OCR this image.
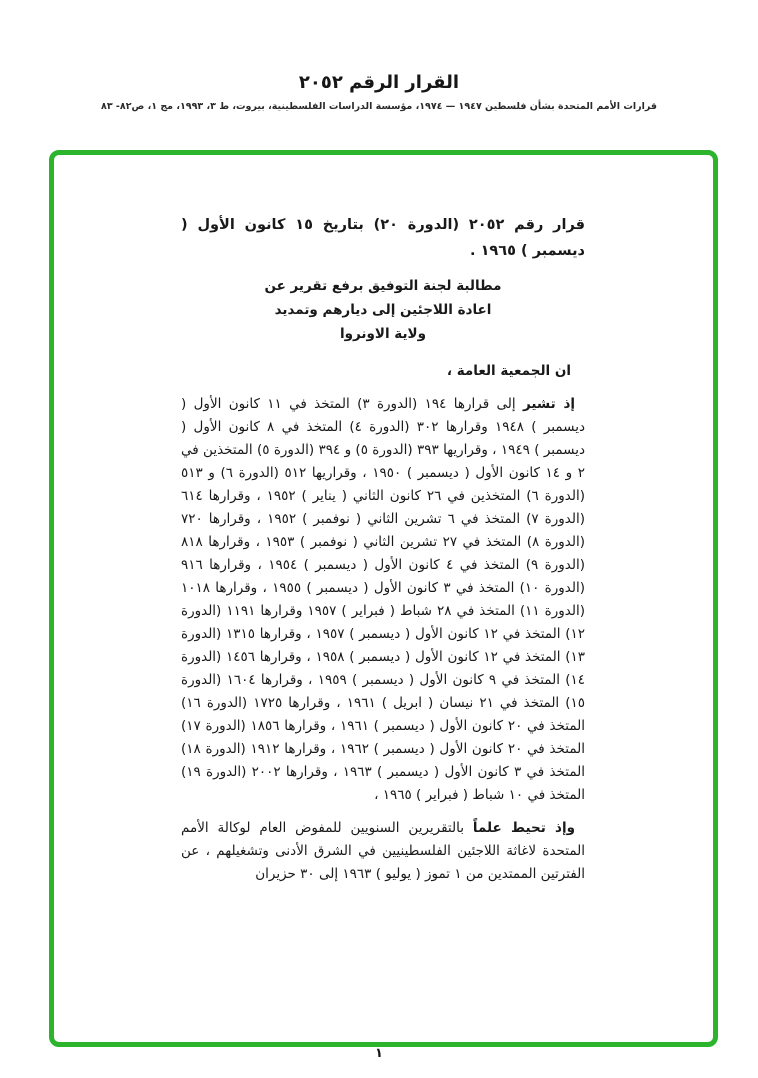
القرار الرقم ٢٠٥٢

قرارات الأمم المتحدة بشأن فلسطين ١٩٤٧ — ١٩٧٤، مؤسسة الدراسات الفلسطينية، بيروت، ط ٣، ١٩٩٣، مج ١، ص٨٢- ٨٣

قرار رقم ٢٠٥٢ (الدورة ٢٠) بتاريخ ١٥ كانون الأول ( ديسمبر ) ١٩٦٥ .

مطالبة لجنة التوفيق برفع تقرير عن

اعادة اللاجئين إلى ديارهم وتمديد

ولاية الاونروا

ان الجمعية العامة ،

إذ تشير إلى قرارها ١٩٤ (الدورة ٣) المتخذ في ١١ كانون الأول ( ديسمبر ) ١٩٤٨ وقرارها ٣٠٢ (الدورة ٤) المتخذ في ٨ كانون الأول ( ديسمبر ) ١٩٤٩ ، وقراريها ٣٩٣ (الدورة ٥) و ٣٩٤ (الدورة ٥) المتخذين في ٢ و ١٤ كانون الأول ( ديسمبر ) ١٩٥٠ ، وقراريها ٥١٢ (الدورة ٦) و ٥١٣ (الدورة ٦) المتخذين في ٢٦ كانون الثاني ( يناير ) ١٩٥٢ ، وقرارها ٦١٤ (الدورة ٧) المتخذ في ٦ تشرين الثاني ( نوفمبر ) ١٩٥٢ ، وقرارها ٧٢٠ (الدورة ٨) المتخذ في ٢٧ تشرين الثاني ( نوفمبر ) ١٩٥٣ ، وقرارها ٨١٨ (الدورة ٩) المتخذ في ٤ كانون الأول ( ديسمبر ) ١٩٥٤ ، وقرارها ٩١٦ (الدورة ١٠) المتخذ في ٣ كانون الأول ( ديسمبر ) ١٩٥٥ ، وقرارها ١٠١٨ (الدورة ١١) المتخذ في ٢٨ شباط ( فبراير ) ١٩٥٧ وقرارها ١١٩١ (الدورة ١٢) المتخذ في ١٢ كانون الأول ( ديسمبر ) ١٩٥٧ ، وقرارها ١٣١٥ (الدورة ١٣) المتخذ في ١٢ كانون الأول ( ديسمبر ) ١٩٥٨ ، وقرارها ١٤٥٦ (الدورة ١٤) المتخذ في ٩ كانون الأول ( ديسمبر ) ١٩٥٩ ، وقرارها ١٦٠٤ (الدورة ١٥) المتخذ في ٢١ نيسان ( ابريل ) ١٩٦١ ، وقرارها ١٧٢٥ (الدورة ١٦) المتخذ في ٢٠ كانون الأول ( ديسمبر ) ١٩٦١ ، وقرارها ١٨٥٦ (الدورة ١٧) المتخذ في ٢٠ كانون الأول ( ديسمبر ) ١٩٦٢ ، وقرارها ١٩١٢ (الدورة ١٨) المتخذ في ٣ كانون الأول ( ديسمبر ) ١٩٦٣ ، وقرارها ٢٠٠٢ (الدورة ١٩) المتخذ في ١٠ شباط ( فبراير ) ١٩٦٥ ،

وإذ تحيط علماً بالتقريرين السنويين للمفوض العام لوكالة الأمم المتحدة لاغاثة اللاجئين الفلسطينيين في الشرق الأدنى وتشغيلهم ، عن الفترتين الممتدين من ١ تموز ( يوليو ) ١٩٦٣ إلى ٣٠ حزيران

١
